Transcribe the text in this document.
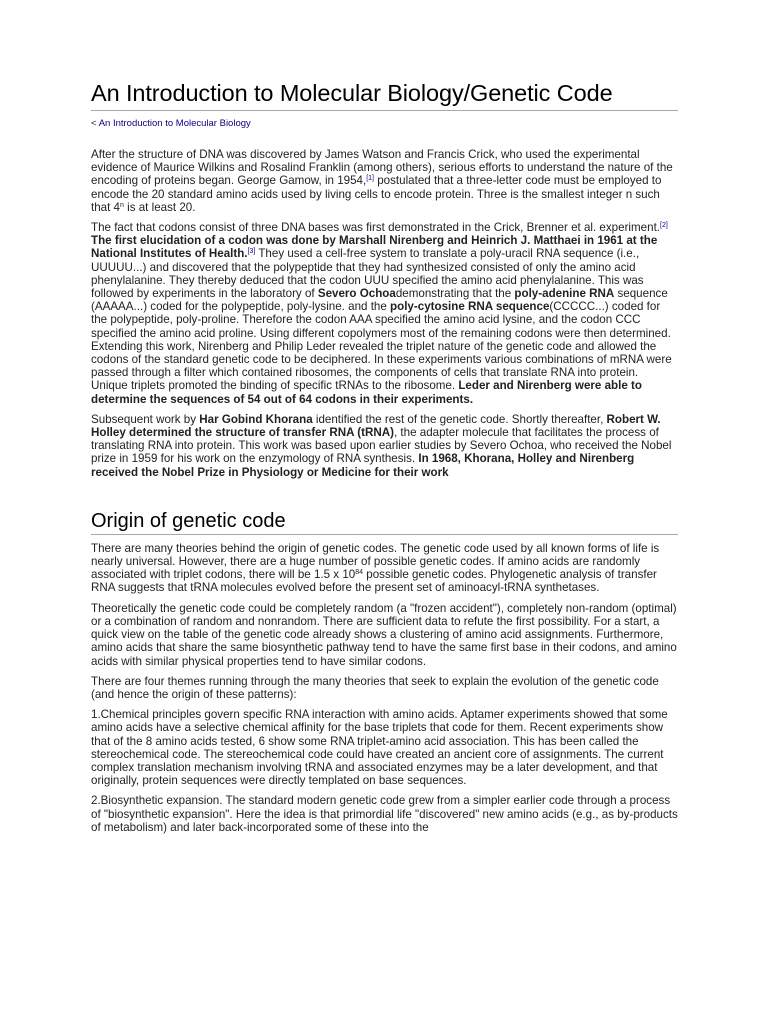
An Introduction to Molecular Biology/Genetic Code
< An Introduction to Molecular Biology

After the structure of DNA was discovered by James Watson and Francis Crick, who used the experimental evidence of Maurice Wilkins and Rosalind Franklin (among others), serious efforts to understand the nature of the encoding of proteins began. George Gamow, in 1954,[1] postulated that a three-letter code must be employed to encode the 20 standard amino acids used by living cells to encode protein. Three is the smallest integer n such that 4$^n$ is at least 20.

The fact that codons consist of three DNA bases was first demonstrated in the Crick, Brenner et al. experiment.[2] The first elucidation of a codon was done by Marshall Nirenberg and Heinrich J. Matthaei in 1961 at the National Institutes of Health.[3] They used a cell-free system to translate a poly-uracil RNA sequence (i.e., UUUUU...) and discovered that the polypeptide that they had synthesized consisted of only the amino acid phenylalanine. They thereby deduced that the codon UUU specified the amino acid phenylalanine. This was followed by experiments in the laboratory of Severo Ochoademonstrating that the poly-adenine RNA sequence (AAAAA...) coded for the polypeptide, poly-lysine. and the poly-cytosine RNA sequence(CCCCC...) coded for the polypeptide, poly-proline. Therefore the codon AAA specified the amino acid lysine, and the codon CCC specified the amino acid proline. Using different copolymers most of the remaining codons were then determined. Extending this work, Nirenberg and Philip Leder revealed the triplet nature of the genetic code and allowed the codons of the standard genetic code to be deciphered. In these experiments various combinations of mRNA were passed through a filter which contained ribosomes, the components of cells that translate RNA into protein. Unique triplets promoted the binding of specific tRNAs to the ribosome. Leder and Nirenberg were able to determine the sequences of 54 out of 64 codons in their experiments.

Subsequent work by Har Gobind Khorana identified the rest of the genetic code. Shortly thereafter, Robert W. Holley determined the structure of transfer RNA (tRNA), the adapter molecule that facilitates the process of translating RNA into protein. This work was based upon earlier studies by Severo Ochoa, who received the Nobel prize in 1959 for his work on the enzymology of RNA synthesis. In 1968, Khorana, Holley and Nirenberg received the Nobel Prize in Physiology or Medicine for their work

Origin of genetic code

There are many theories behind the origin of genetic codes. The genetic code used by all known forms of life is nearly universal. However, there are a huge number of possible genetic codes. If amino acids are randomly associated with triplet codons, there will be 1.5 x $10^{84}$ possible genetic codes. Phylogenetic analysis of transfer RNA suggests that tRNA molecules evolved before the present set of aminoacyl-tRNA synthetases.

Theoretically the genetic code could be completely random (a "frozen accident"), completely non-random (optimal) or a combination of random and nonrandom. There are sufficient data to refute the first possibility. For a start, a quick view on the table of the genetic code already shows a clustering of amino acid assignments. Furthermore, amino acids that share the same biosynthetic pathway tend to have the same first base in their codons, and amino acids with similar physical properties tend to have similar codons.

There are four themes running through the many theories that seek to explain the evolution of the genetic code (and hence the origin of these patterns):

1.Chemical principles govern specific RNA interaction with amino acids. Aptamer experiments showed that some amino acids have a selective chemical affinity for the base triplets that code for them. Recent experiments show that of the 8 amino acids tested, 6 show some RNA triplet-amino acid association. This has been called the stereochemical code. The stereochemical code could have created an ancient core of assignments. The current complex translation mechanism involving tRNA and associated enzymes may be a later development, and that originally, protein sequences were directly templated on base sequences.

2.Biosynthetic expansion. The standard modern genetic code grew from a simpler earlier code through a process of "biosynthetic expansion". Here the idea is that primordial life "discovered" new amino acids (e.g., as by-products of metabolism) and later back-incorporated some of these into the
